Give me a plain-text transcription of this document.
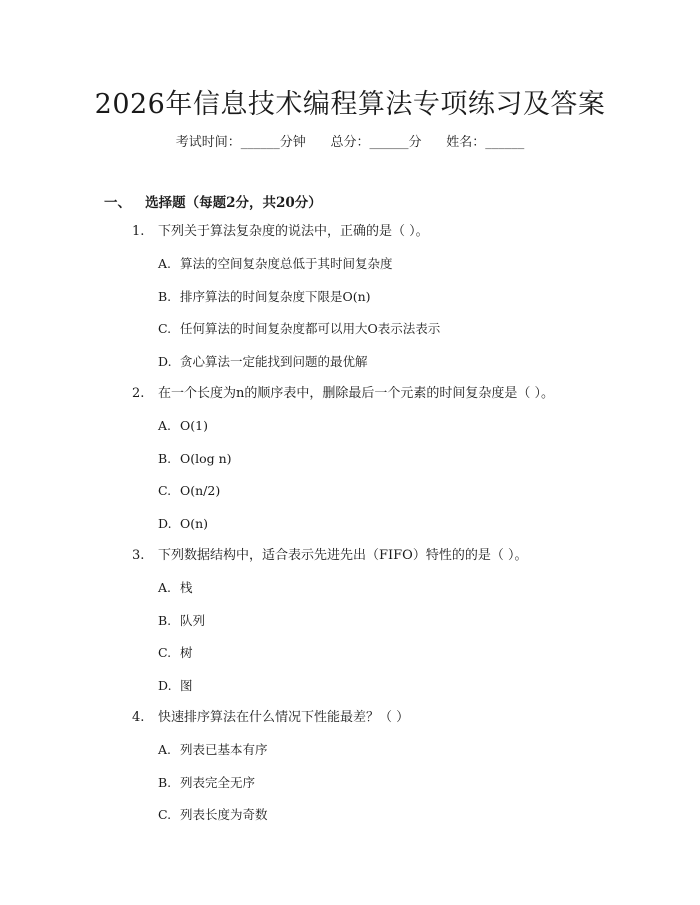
2026年信息技术编程算法专项练习及答案
考试时间：______分钟      总分：______分      姓名：______
一、 选择题（每题2分，共20分）
1. 下列关于算法复杂度的说法中，正确的是（ ）。
A. 算法的空间复杂度总低于其时间复杂度
B. 排序算法的时间复杂度下限是O(n)
C. 任何算法的时间复杂度都可以用大O表示法表示
D. 贪心算法一定能找到问题的最优解
2. 在一个长度为n的顺序表中，删除最后一个元素的时间复杂度是（ ）。
A. O(1)
B. O(log n)
C. O(n/2)
D. O(n)
3. 下列数据结构中，适合表示先进先出（FIFO）特性的的是（ ）。
A. 栈
B. 队列
C. 树
D. 图
4. 快速排序算法在什么情况下性能最差？（ ）
A. 列表已基本有序
B. 列表完全无序
C. 列表长度为奇数
